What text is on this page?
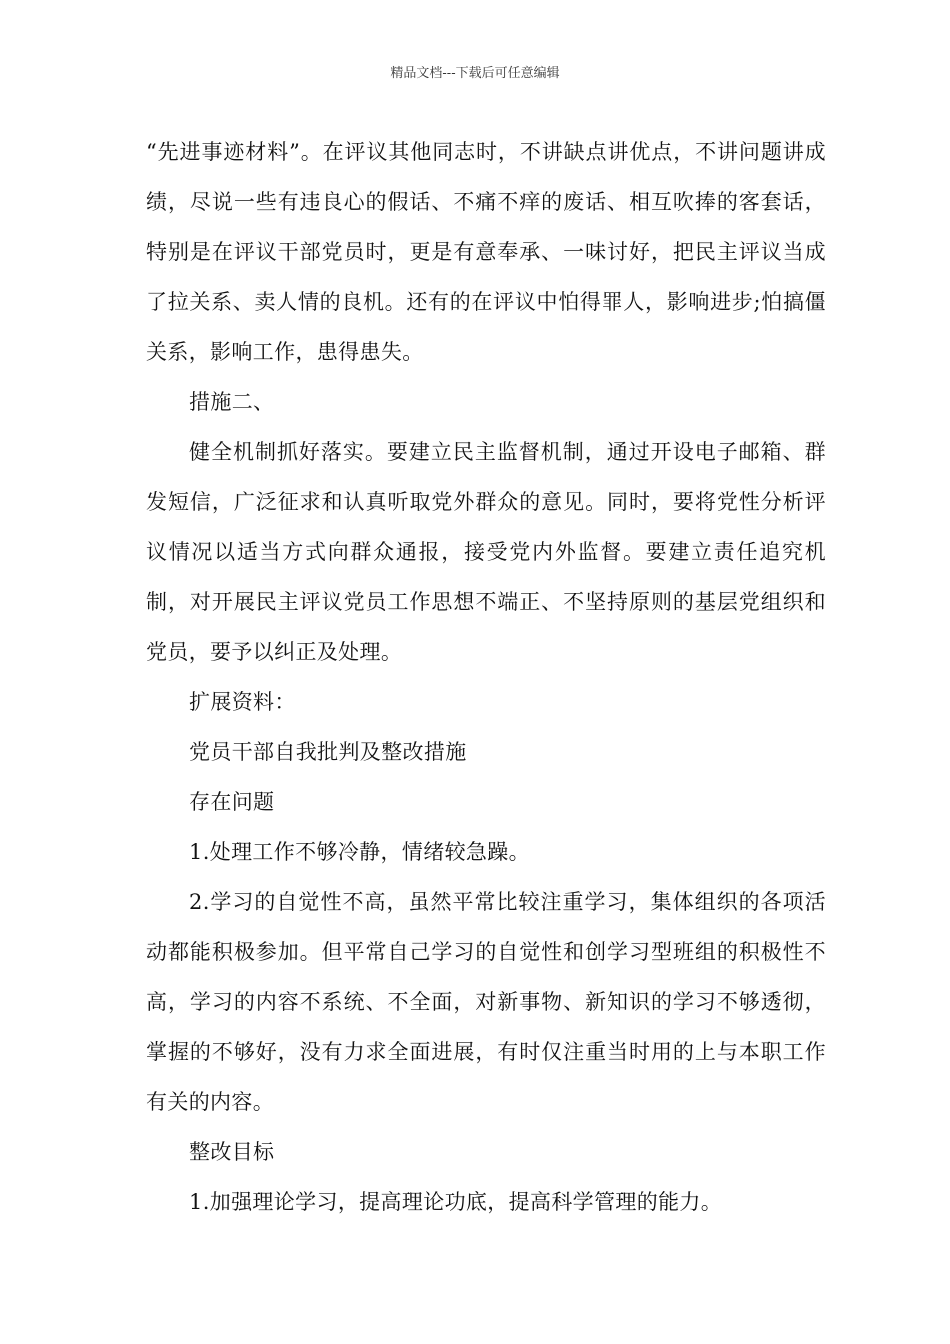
精品文档---下载后可任意编辑

“先进事迹材料”。在评议其他同志时，不讲缺点讲优点，不讲问题讲成绩，尽说一些有违良心的假话、不痛不痒的废话、相互吹捧的客套话，特别是在评议干部党员时，更是有意奉承、一味讨好，把民主评议当成了拉关系、卖人情的良机。还有的在评议中怕得罪人，影响进步;怕搞僵关系，影响工作，患得患失。

措施二、

健全机制抓好落实。要建立民主监督机制，通过开设电子邮箱、群发短信，广泛征求和认真听取党外群众的意见。同时，要将党性分析评议情况以适当方式向群众通报，接受党内外监督。要建立责任追究机制，对开展民主评议党员工作思想不端正、不坚持原则的基层党组织和党员，要予以纠正及处理。

扩展资料：

党员干部自我批判及整改措施

存在问题

1.处理工作不够冷静，情绪较急躁。

2.学习的自觉性不高，虽然平常比较注重学习，集体组织的各项活动都能积极参加。但平常自己学习的自觉性和创学习型班组的积极性不高，学习的内容不系统、不全面，对新事物、新知识的学习不够透彻，掌握的不够好，没有力求全面进展，有时仅注重当时用的上与本职工作有关的内容。

整改目标

1.加强理论学习，提高理论功底，提高科学管理的能力。
